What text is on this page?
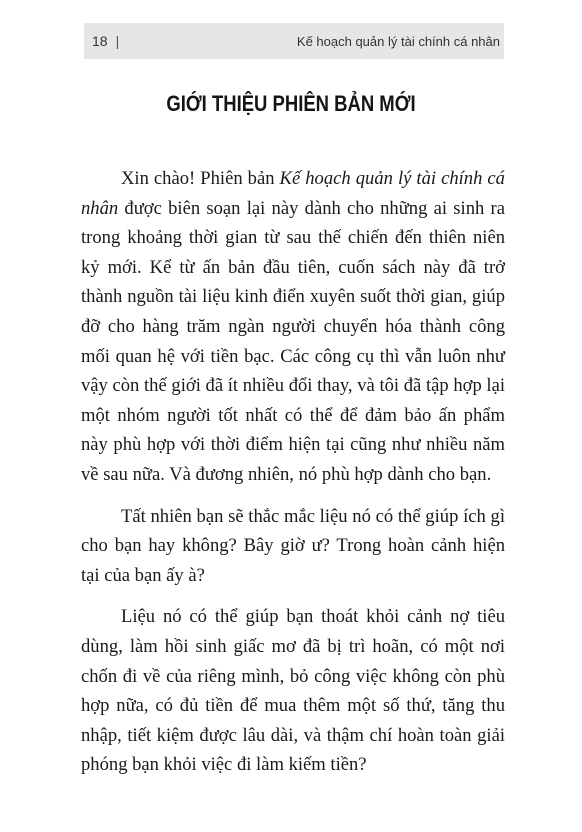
18 |	Kế hoạch quản lý tài chính cá nhân
GIỚI THIỆU PHIÊN BẢN MỚI

Xin chào! Phiên bản Kế hoạch quản lý tài chính cá nhân được biên soạn lại này dành cho những ai sinh ra trong khoảng thời gian từ sau thế chiến đến thiên niên kỷ mới. Kể từ ấn bản đầu tiên, cuốn sách này đã trở thành nguồn tài liệu kinh điển xuyên suốt thời gian, giúp đỡ cho hàng trăm ngàn người chuyển hóa thành công mối quan hệ với tiền bạc. Các công cụ thì vẫn luôn như vậy còn thế giới đã ít nhiều đổi thay, và tôi đã tập hợp lại một nhóm người tốt nhất có thể để đảm bảo ấn phẩm này phù hợp với thời điểm hiện tại cũng như nhiều năm về sau nữa. Và đương nhiên, nó phù hợp dành cho bạn.

Tất nhiên bạn sẽ thắc mắc liệu nó có thể giúp ích gì cho bạn hay không? Bây giờ ư? Trong hoàn cảnh hiện tại của bạn ấy à?

Liệu nó có thể giúp bạn thoát khỏi cảnh nợ tiêu dùng, làm hồi sinh giấc mơ đã bị trì hoãn, có một nơi chốn đi về của riêng mình, bỏ công việc không còn phù hợp nữa, có đủ tiền để mua thêm một số thứ, tăng thu nhập, tiết kiệm được lâu dài, và thậm chí hoàn toàn giải phóng bạn khỏi việc đi làm kiếm tiền?
